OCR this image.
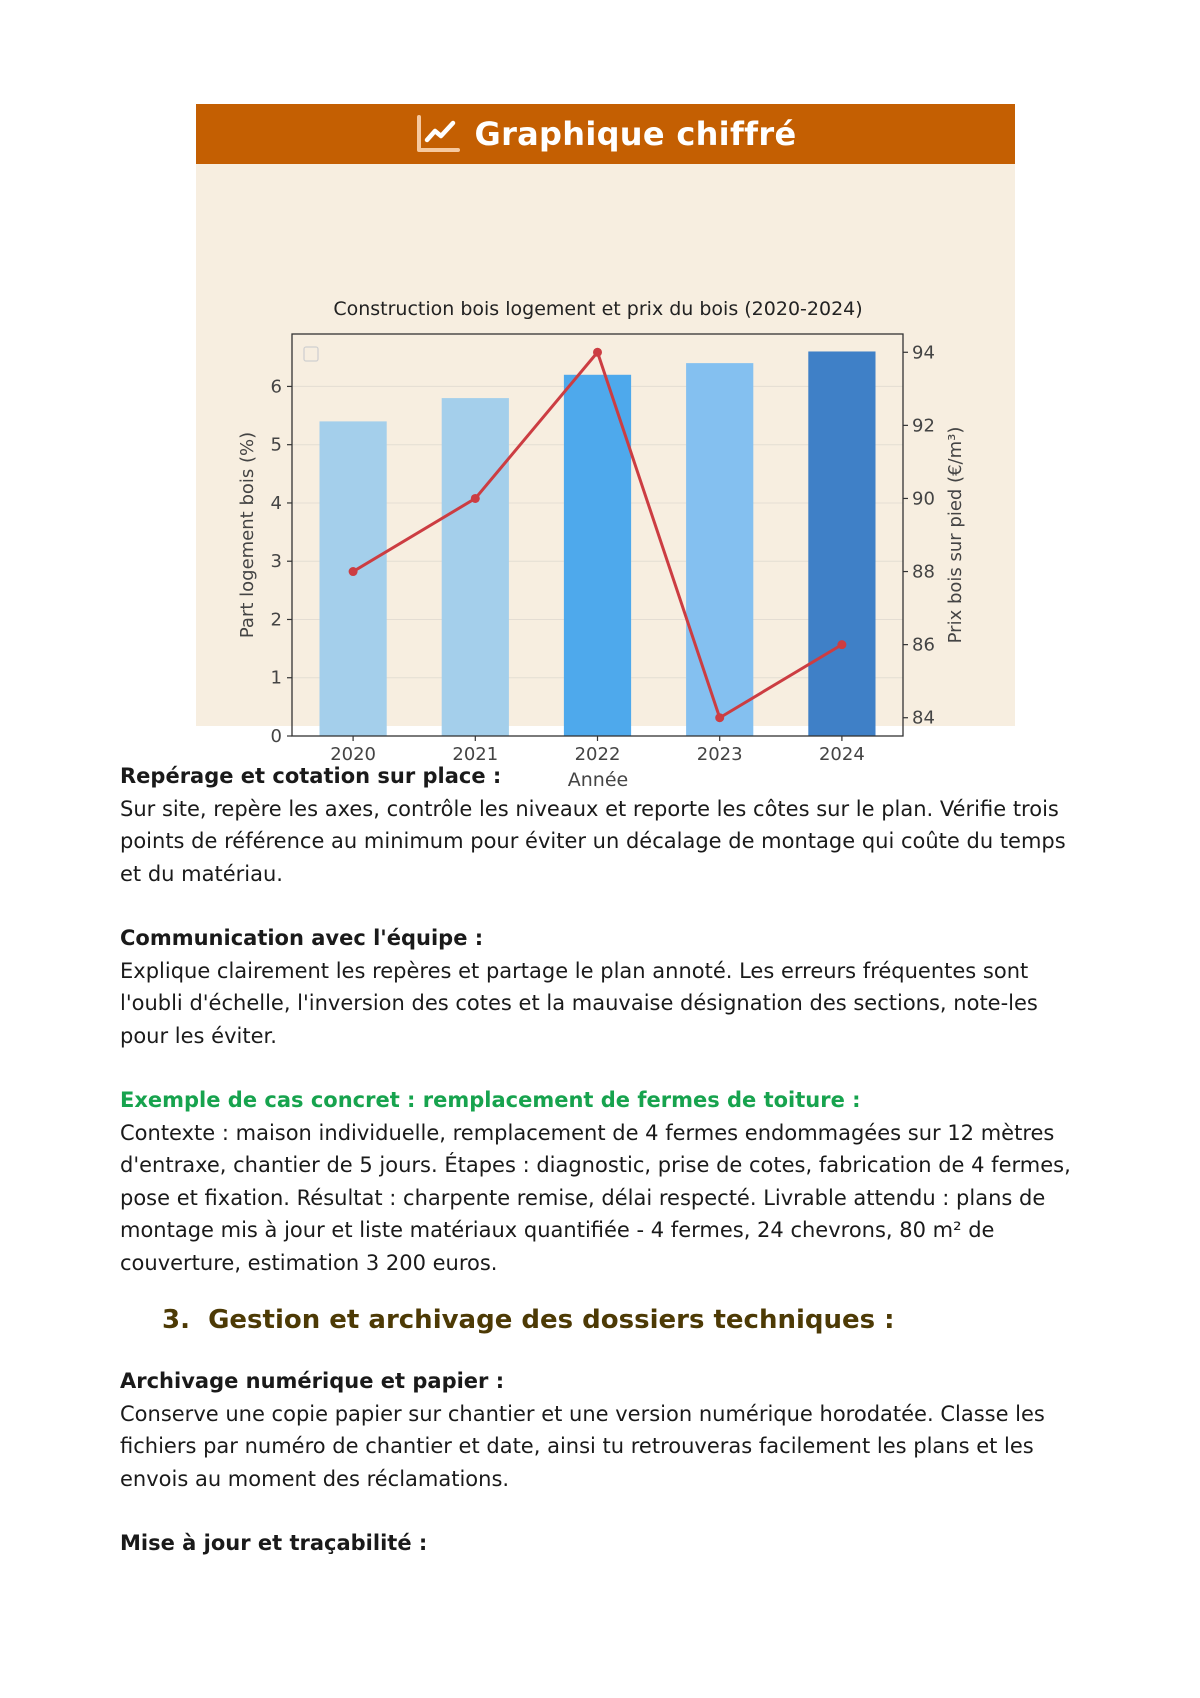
Graphique chiffré
Construction bois logement et prix du bois (2020-2024)
0
1
2
3
4
5
6
84
86
88
90
92
94
2020	2021	2022	2023	2024
Année
Part logement bois (%)	Prix bois sur pied (€/m³)

Repérage et cotation sur place :

Sur site, repère les axes, contrôle les niveaux et reporte les côtes sur le plan. Vérifie trois points de référence au minimum pour éviter un décalage de montage qui coûte du temps et du matériau.

Communication avec l'équipe :

Explique clairement les repères et partage le plan annoté. Les erreurs fréquentes sont l'oubli d'échelle, l'inversion des cotes et la mauvaise désignation des sections, note-les pour les éviter.

Exemple de cas concret : remplacement de fermes de toiture :

Contexte : maison individuelle, remplacement de 4 fermes endommagées sur 12 mètres d'entraxe, chantier de 5 jours. Étapes : diagnostic, prise de cotes, fabrication de 4 fermes, pose et fixation. Résultat : charpente remise, délai respecté. Livrable attendu : plans de montage mis à jour et liste matériaux quantifiée - 4 fermes, 24 chevrons, 80 m² de couverture, estimation 3 200 euros.

3. Gestion et archivage des dossiers techniques :

Archivage numérique et papier :

Conserve une copie papier sur chantier et une version numérique horodatée. Classe les fichiers par numéro de chantier et date, ainsi tu retrouveras facilement les plans et les envois au moment des réclamations.

Mise à jour et traçabilité :
